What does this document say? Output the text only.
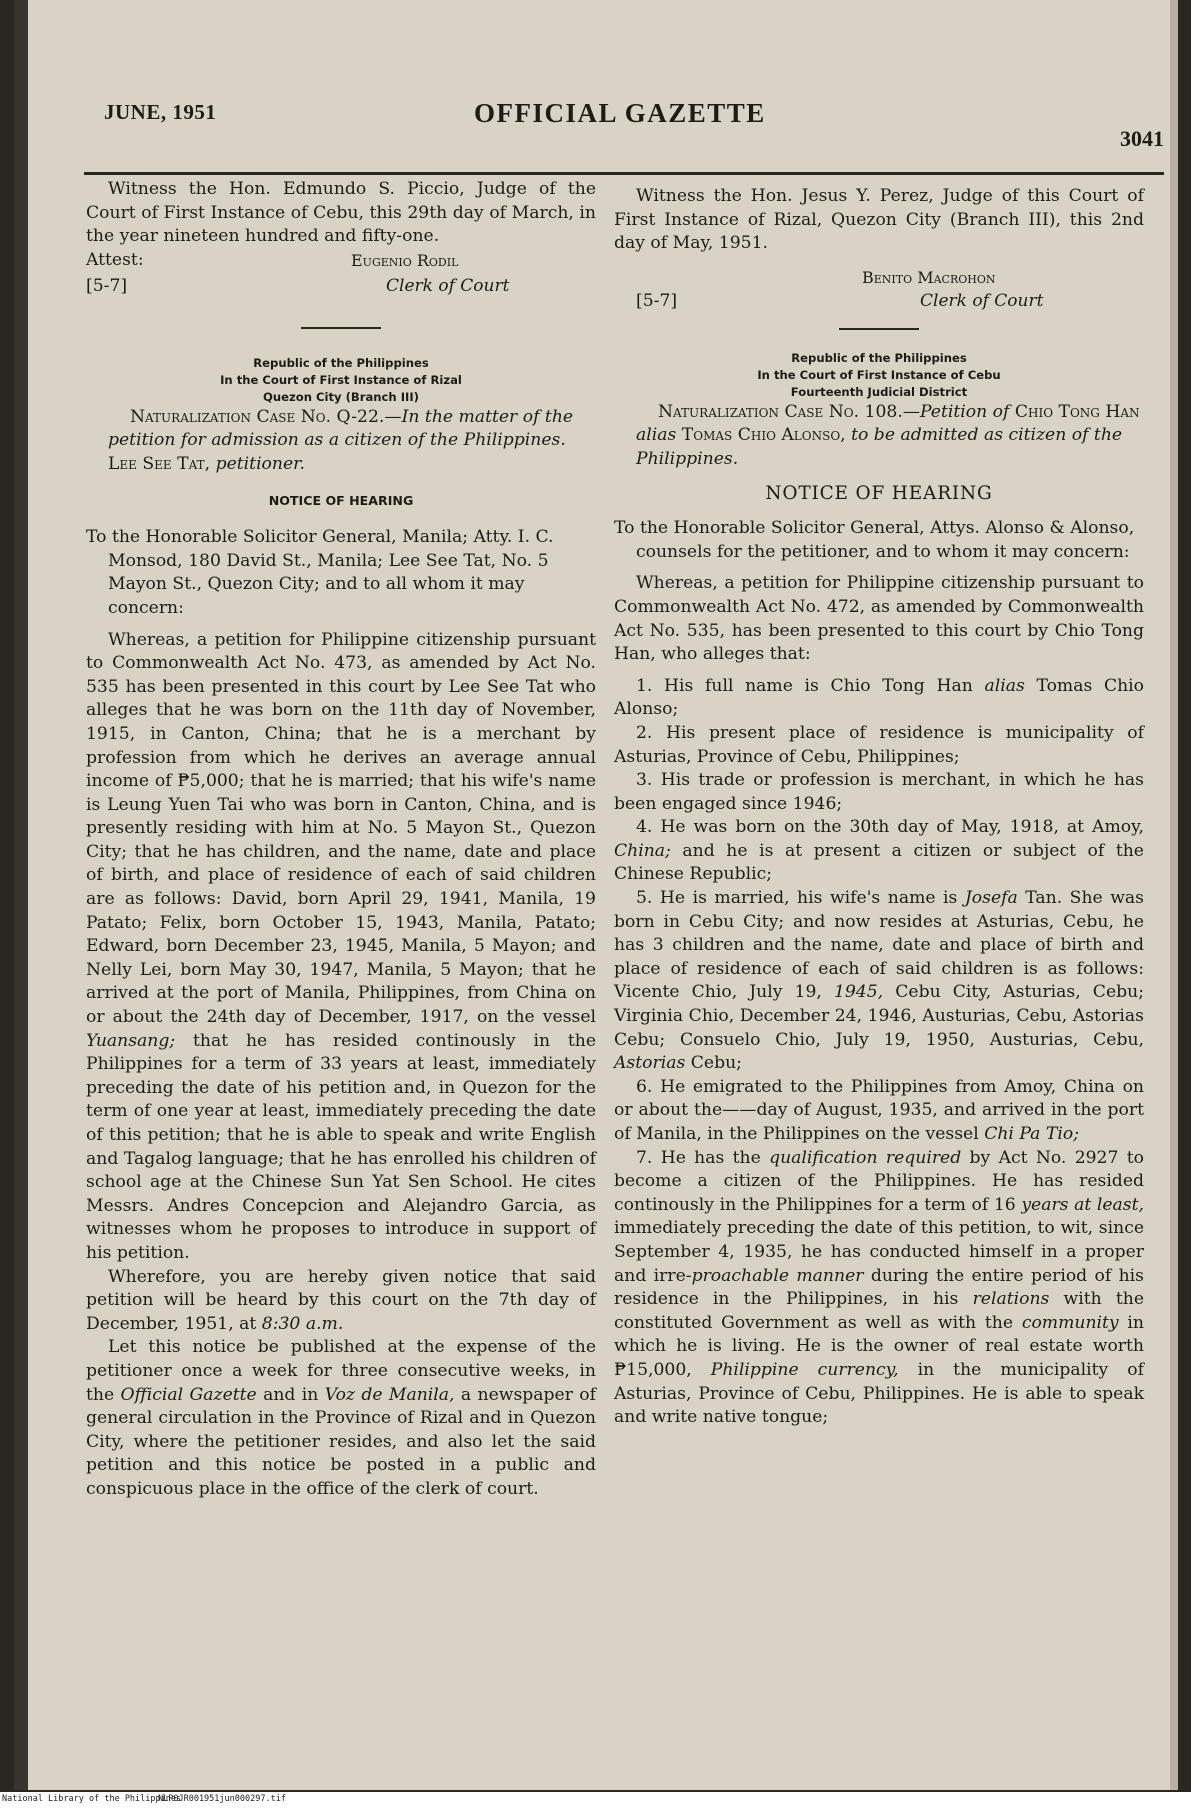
JUNE, 1951	OFFICIAL GAZETTE
3041

Witness the Hon. Edmundo S. Piccio, Judge of the Court of First Instance of Cebu, this 29th day of March, in the year nineteen hundred and fifty-one.

Attest:	Eugenio Rodil
[5-7]	Clerk of Court
Republic of the Philippines
In the Court of First Instance of Rizal
Quezon City (Branch III)

Naturalization Case No. Q-22.—In the matter of the petition for admission as a citizen of the Philippines. Lee See Tat, petitioner.

NOTICE OF HEARING

To the Honorable Solicitor General, Manila; Atty. I. C. Monsod, 180 David St., Manila; Lee See Tat, No. 5 Mayon St., Quezon City; and to all whom it may concern:

Whereas, a petition for Philippine citizenship pursuant to Commonwealth Act No. 473, as amended by Act No. 535 has been presented in this court by Lee See Tat who alleges that he was born on the 11th day of November, 1915, in Canton, China; that he is a merchant by profession from which he derives an average annual income of ₱5,000; that he is married; that his wife's name is Leung Yuen Tai who was born in Canton, China, and is presently residing with him at No. 5 Mayon St., Quezon City; that he has children, and the name, date and place of birth, and place of residence of each of said children are as follows: David, born April 29, 1941, Manila, 19 Patato; Felix, born October 15, 1943, Manila, Patato; Edward, born December 23, 1945, Manila, 5 Mayon; and Nelly Lei, born May 30, 1947, Manila, 5 Mayon; that he arrived at the port of Manila, Philippines, from China on or about the 24th day of December, 1917, on the vessel Yuansang; that he has resided continously in the Philippines for a term of 33 years at least, immediately preceding the date of his petition and, in Quezon for the term of one year at least, immediately preceding the date of this petition; that he is able to speak and write English and Tagalog language; that he has enrolled his children of school age at the Chinese Sun Yat Sen School. He cites Messrs. Andres Concepcion and Alejandro Garcia, as witnesses whom he proposes to introduce in support of his petition.

Wherefore, you are hereby given notice that said petition will be heard by this court on the 7th day of December, 1951, at 8:30 a.m.

Let this notice be published at the expense of the petitioner once a week for three consecutive weeks, in the Official Gazette and in Voz de Manila, a newspaper of general circulation in the Province of Rizal and in Quezon City, where the petitioner resides, and also let the said petition and this notice be posted in a public and conspicuous place in the office of the clerk of court.

Witness the Hon. Jesus Y. Perez, Judge of this Court of First Instance of Rizal, Quezon City (Branch III), this 2nd day of May, 1951.

Benito Macrohon
[5-7]	Clerk of Court
Republic of the Philippines
In the Court of First Instance of Cebu
Fourteenth Judicial District

Naturalization Case No. 108.—Petition of Chio Tong Han alias Tomas Chio Alonso, to be admitted as citizen of the Philippines.

NOTICE OF HEARING

To the Honorable Solicitor General, Attys. Alonso & Alonso, counsels for the petitioner, and to whom it may concern:

Whereas, a petition for Philippine citizenship pursuant to Commonwealth Act No. 472, as amended by Commonwealth Act No. 535, has been presented to this court by Chio Tong Han, who alleges that:

1. His full name is Chio Tong Han alias Tomas Chio Alonso;

2. His present place of residence is municipality of Asturias, Province of Cebu, Philippines;

3. His trade or profession is merchant, in which he has been engaged since 1946;

4. He was born on the 30th day of May, 1918, at Amoy, China; and he is at present a citizen or subject of the Chinese Republic;

5. He is married, his wife's name is Josefa Tan. She was born in Cebu City; and now resides at Asturias, Cebu, he has 3 children and the name, date and place of birth and place of residence of each of said children is as follows: Vicente Chio, July 19, 1945, Cebu City, Asturias, Cebu; Virginia Chio, December 24, 1946, Austurias, Cebu, Astorias Cebu; Consuelo Chio, July 19, 1950, Austurias, Cebu, Astorias Cebu;

6. He emigrated to the Philippines from Amoy, China on or about the——day of August, 1935, and arrived in the port of Manila, in the Philippines on the vessel Chi Pa Tio;

7. He has the qualification required by Act No. 2927 to become a citizen of the Philippines. He has resided continously in the Philippines for a term of 16 years at least, immediately preceding the date of this petition, to wit, since September 4, 1935, he has conducted himself in a proper and irre-proachable manner during the entire period of his residence in the Philippines, in his relations with the constituted Government as well as with the community in which he is living. He is the owner of real estate worth ₱15,000, Philippine currency, in the municipality of Asturias, Province of Cebu, Philippines. He is able to speak and write native tongue;

National Library of the Philippines
NLP0JR001951jun000297.tif
